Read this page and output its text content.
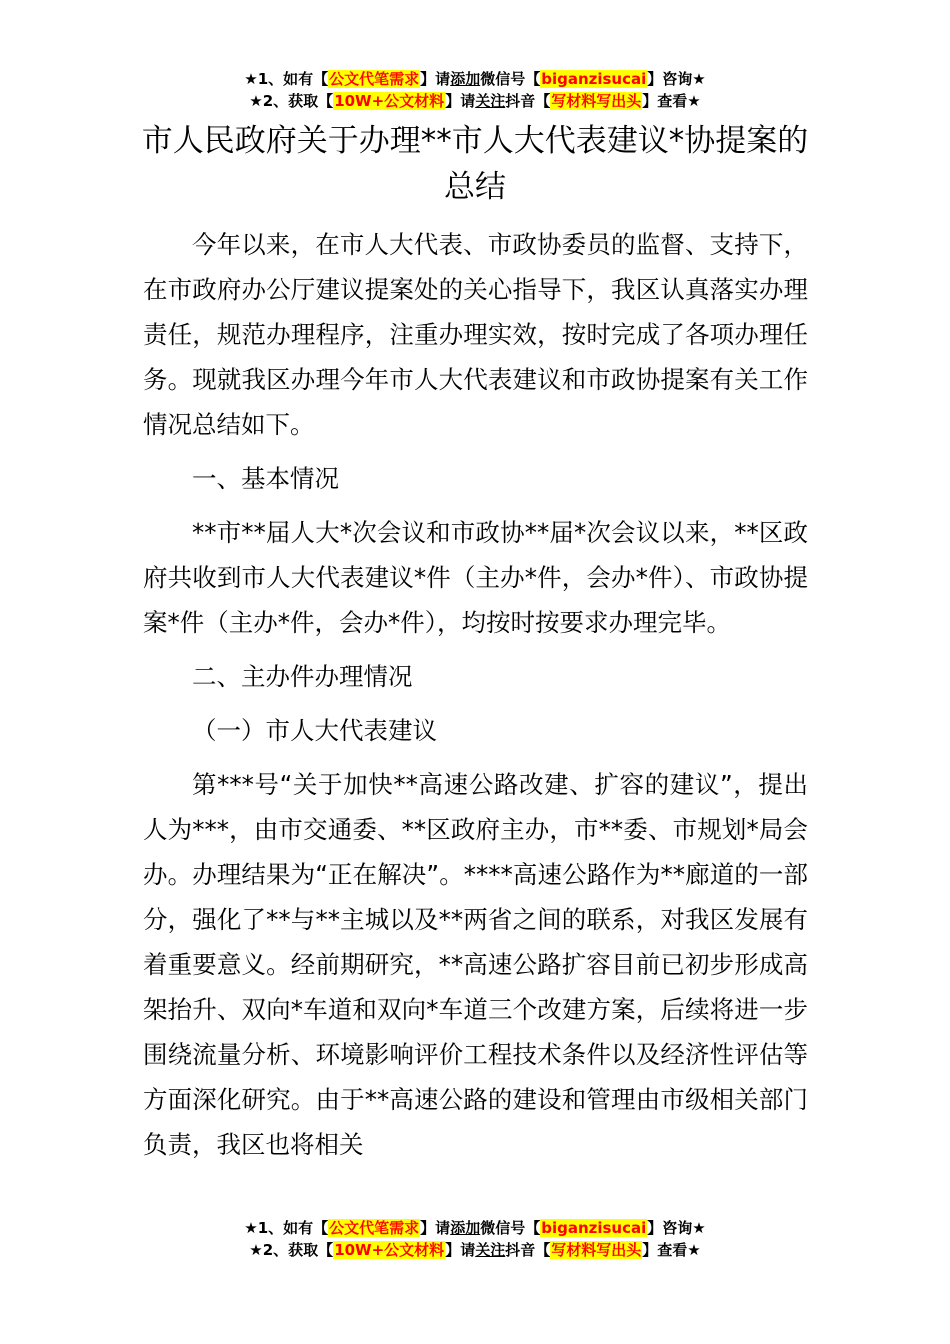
★1、如有【公文代笔需求】请添加微信号【biganzisucai】咨询★
★2、获取【10W+公文材料】请关注抖音【写材料写出头】查看★
市人民政府关于办理**市人大代表建议*协提案的总结

今年以来，在市人大代表、市政协委员的监督、支持下，在市政府办公厅建议提案处的关心指导下，我区认真落实办理责任，规范办理程序，注重办理实效，按时完成了各项办理任务。现就我区办理今年市人大代表建议和市政协提案有关工作情况总结如下。

一、基本情况

**市**届人大*次会议和市政协**届*次会议以来，**区政府共收到市人大代表建议*件（主办*件，会办*件）、市政协提案*件（主办*件，会办*件），均按时按要求办理完毕。

二、主办件办理情况

（一）市人大代表建议

第***号“关于加快**高速公路改建、扩容的建议”，提出人为***，由市交通委、**区政府主办，市**委、市规划*局会办。办理结果为“正在解决”。****高速公路作为**廊道的一部分，强化了**与**主城以及**两省之间的联系，对我区发展有着重要意义。经前期研究，**高速公路扩容目前已初步形成高架抬升、双向*车道和双向*车道三个改建方案，后续将进一步围绕流量分析、环境影响评价工程技术条件以及经济性评估等方面深化研究。由于**高速公路的建设和管理由市级相关部门负责，我区也将相关

★1、如有【公文代笔需求】请添加微信号【biganzisucai】咨询★
★2、获取【10W+公文材料】请关注抖音【写材料写出头】查看★
